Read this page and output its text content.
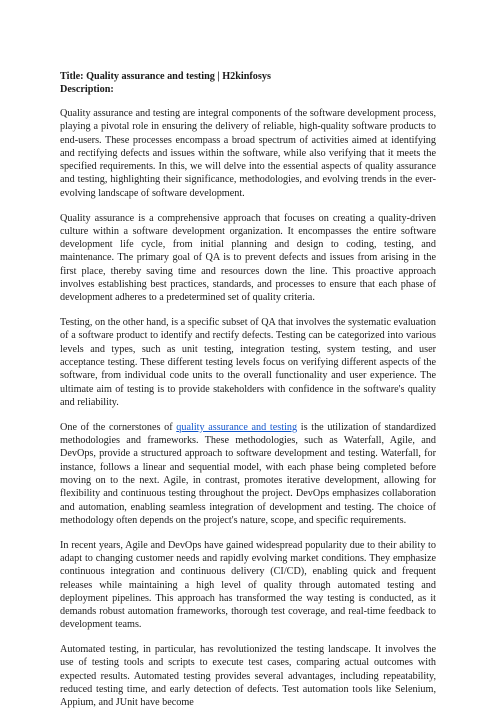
Title: Quality assurance and testing | H2kinfosys

Description:

Quality assurance and testing are integral components of the software development process, playing a pivotal role in ensuring the delivery of reliable, high-quality software products to end-users. These processes encompass a broad spectrum of activities aimed at identifying and rectifying defects and issues within the software, while also verifying that it meets the specified requirements. In this, we will delve into the essential aspects of quality assurance and testing, highlighting their significance, methodologies, and evolving trends in the ever-evolving landscape of software development.

Quality assurance is a comprehensive approach that focuses on creating a quality-driven culture within a software development organization. It encompasses the entire software development life cycle, from initial planning and design to coding, testing, and maintenance. The primary goal of QA is to prevent defects and issues from arising in the first place, thereby saving time and resources down the line. This proactive approach involves establishing best practices, standards, and processes to ensure that each phase of development adheres to a predetermined set of quality criteria.

Testing, on the other hand, is a specific subset of QA that involves the systematic evaluation of a software product to identify and rectify defects. Testing can be categorized into various levels and types, such as unit testing, integration testing, system testing, and user acceptance testing. These different testing levels focus on verifying different aspects of the software, from individual code units to the overall functionality and user experience. The ultimate aim of testing is to provide stakeholders with confidence in the software's quality and reliability.

One of the cornerstones of quality assurance and testing is the utilization of standardized methodologies and frameworks. These methodologies, such as Waterfall, Agile, and DevOps, provide a structured approach to software development and testing. Waterfall, for instance, follows a linear and sequential model, with each phase being completed before moving on to the next. Agile, in contrast, promotes iterative development, allowing for flexibility and continuous testing throughout the project. DevOps emphasizes collaboration and automation, enabling seamless integration of development and testing. The choice of methodology often depends on the project's nature, scope, and specific requirements.

In recent years, Agile and DevOps have gained widespread popularity due to their ability to adapt to changing customer needs and rapidly evolving market conditions. They emphasize continuous integration and continuous delivery (CI/CD), enabling quick and frequent releases while maintaining a high level of quality through automated testing and deployment pipelines. This approach has transformed the way testing is conducted, as it demands robust automation frameworks, thorough test coverage, and real-time feedback to development teams.

Automated testing, in particular, has revolutionized the testing landscape. It involves the use of testing tools and scripts to execute test cases, comparing actual outcomes with expected results. Automated testing provides several advantages, including repeatability, reduced testing time, and early detection of defects. Test automation tools like Selenium, Appium, and JUnit have become
